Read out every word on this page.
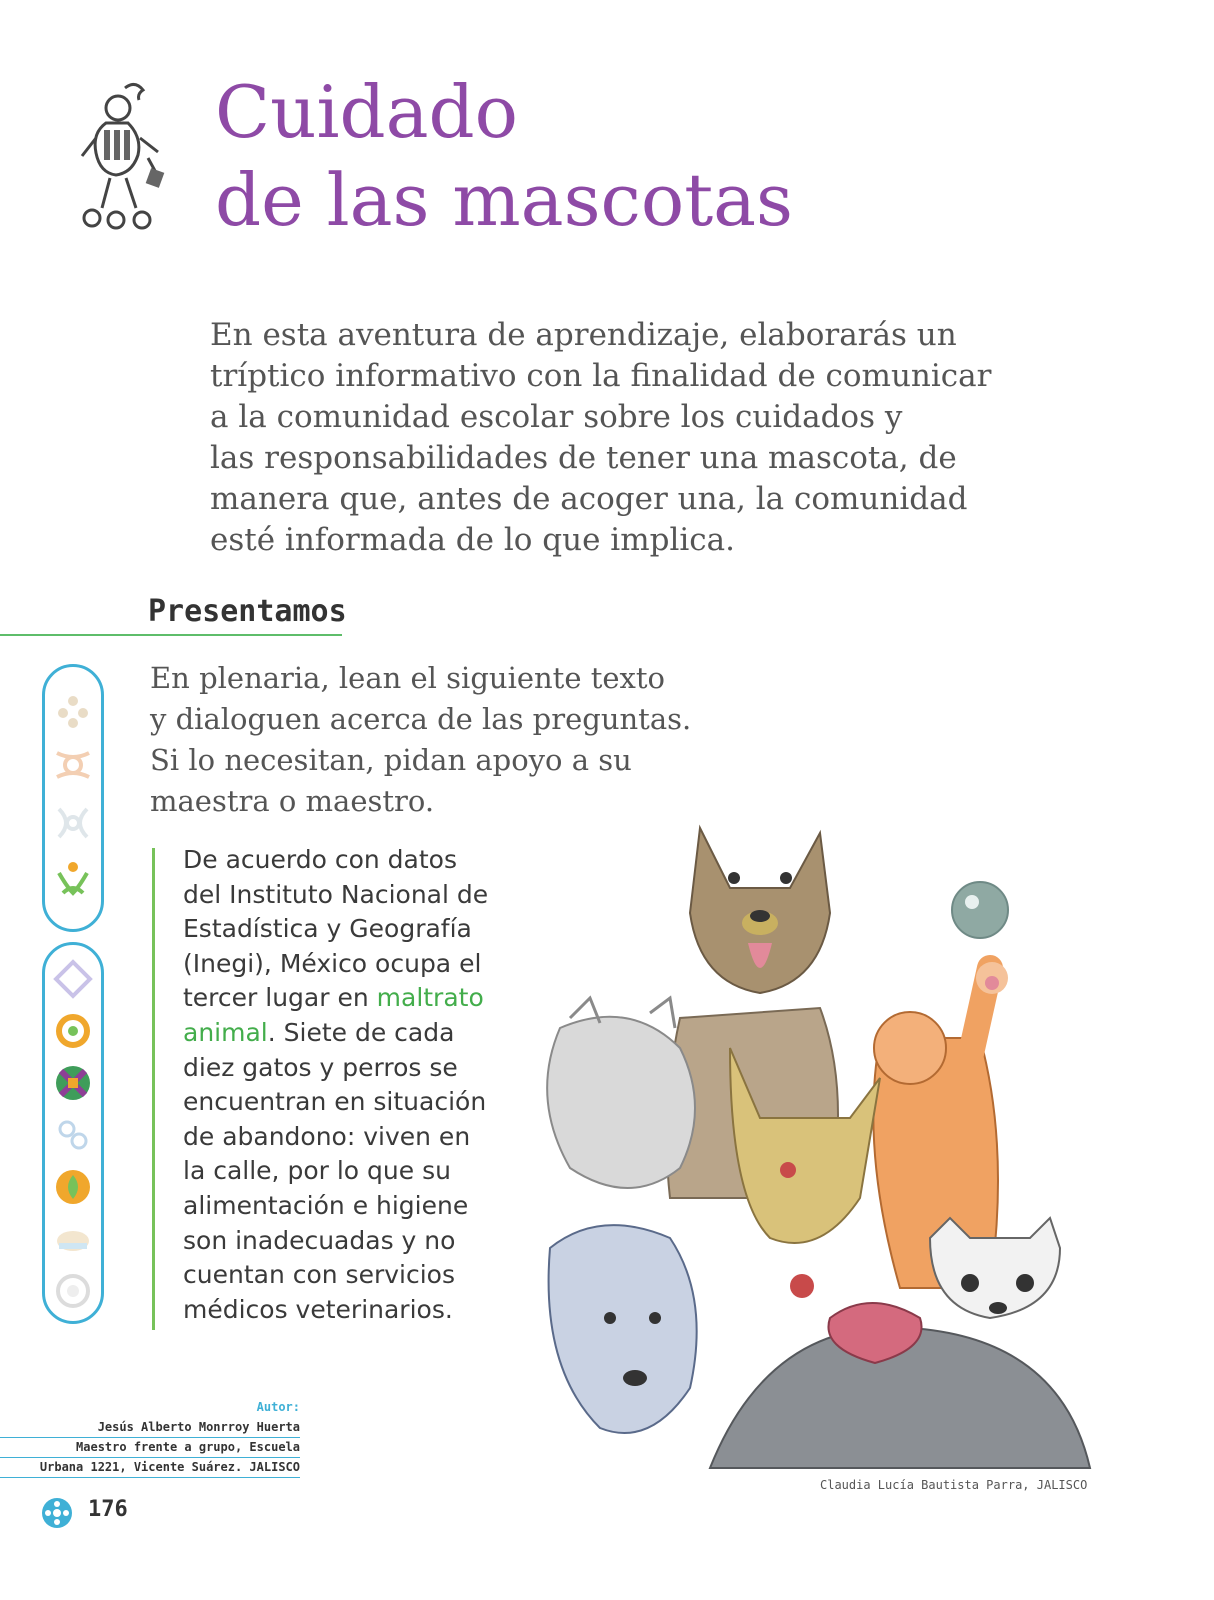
Cuidado
de las mascotas
En esta aventura de aprendizaje, elaborarás un
tríptico informativo con la finalidad de comunicar
a la comunidad escolar sobre los cuidados y
las responsabilidades de tener una mascota, de
manera que, antes de acoger una, la comunidad
esté informada de lo que implica.
Presentamos
En plenaria, lean el siguiente texto
y dialoguen acerca de las preguntas.
Si lo necesitan, pidan apoyo a su
maestra o maestro.
De acuerdo con datos
del Instituto Nacional de
Estadística y Geografía
(Inegi), México ocupa el
tercer lugar en maltrato
animal. Siete de cada
diez gatos y perros se
encuentran en situación
de abandono: viven en
la calle, por lo que su
alimentación e higiene
son inadecuadas y no
cuentan con servicios
médicos veterinarios.
Claudia Lucía Bautista Parra, JALISCO
Autor:
Jesús Alberto Monrroy Huerta
Maestro frente a grupo, Escuela
Urbana 1221, Vicente Suárez. JALISCO
176
